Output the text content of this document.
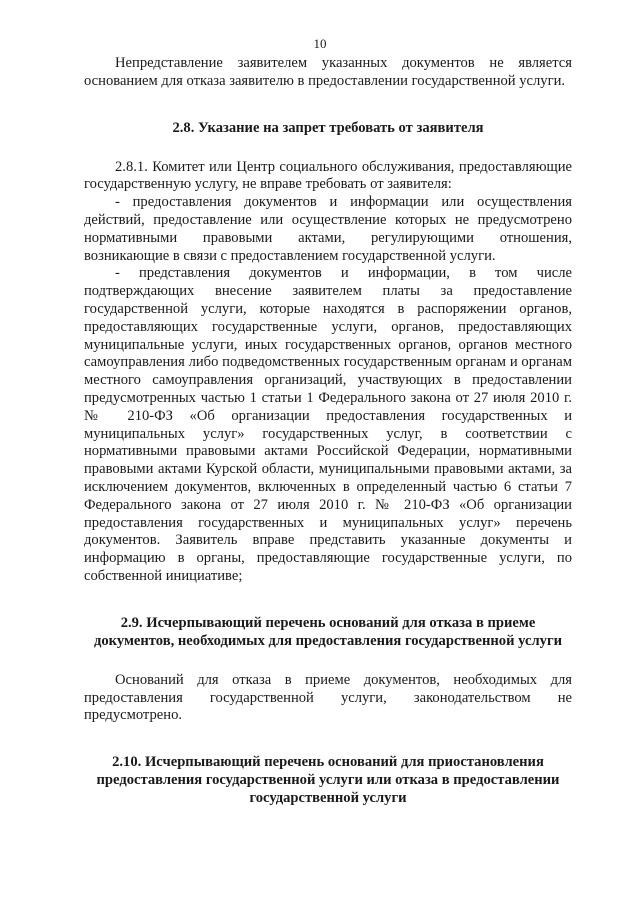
10

Непредставление заявителем указанных документов не является основанием для отказа заявителю в предоставлении государственной услуги.

2.8. Указание на запрет требовать от заявителя

2.8.1. Комитет или Центр социального обслуживания, предоставляющие государственную услугу, не вправе требовать от заявителя:

- предоставления документов и информации или осуществления действий, предоставление или осуществление которых не предусмотрено нормативными правовыми актами, регулирующими отношения, возникающие в связи с предоставлением государственной услуги.

- представления документов и информации, в том числе подтверждающих внесение заявителем платы за предоставление государственной услуги, которые находятся в распоряжении органов, предоставляющих государственные услуги, органов, предоставляющих муниципальные услуги, иных государственных органов, органов местного самоуправления либо подведомственных государственным органам и органам местного самоуправления организаций, участвующих в предоставлении предусмотренных частью 1 статьи 1 Федерального закона от 27 июля 2010 г. № 210-ФЗ «Об организации предоставления государственных и муниципальных услуг» государственных услуг, в соответствии с нормативными правовыми актами Российской Федерации, нормативными правовыми актами Курской области, муниципальными правовыми актами, за исключением документов, включенных в определенный частью 6 статьи 7 Федерального закона от 27 июля 2010 г. № 210-ФЗ «Об организации предоставления государственных и муниципальных услуг» перечень документов. Заявитель вправе представить указанные документы и информацию в органы, предоставляющие государственные услуги, по собственной инициативе;

2.9. Исчерпывающий перечень оснований для отказа в приеме документов, необходимых для предоставления государственной услуги

Оснований для отказа в приеме документов, необходимых для предоставления государственной услуги, законодательством не предусмотрено.

2.10. Исчерпывающий перечень оснований для приостановления предоставления государственной услуги или отказа в предоставлении государственной услуги
